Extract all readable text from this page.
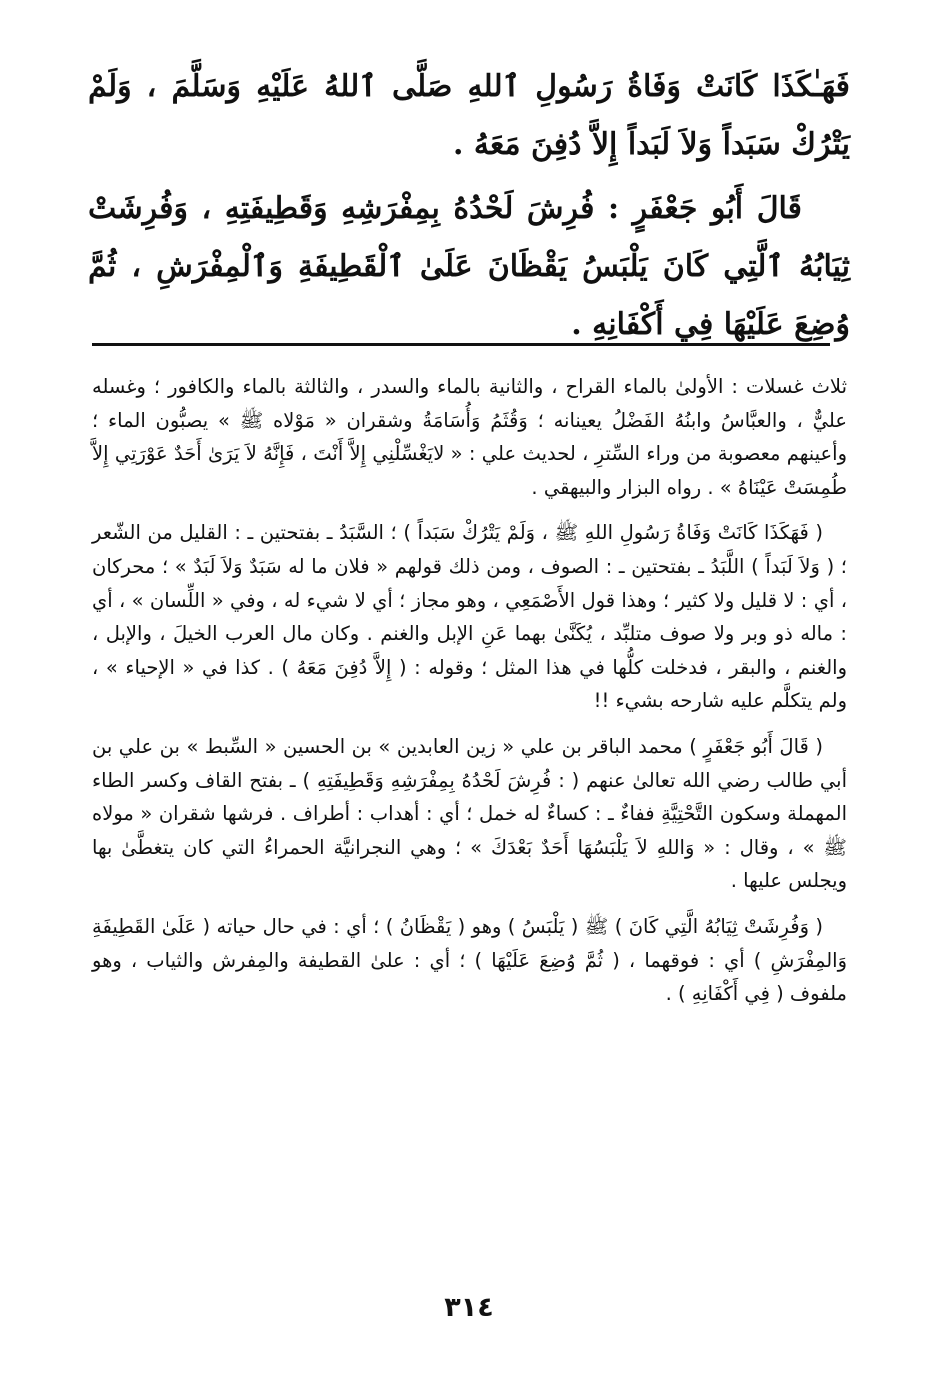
فَهَـٰكَذَا كَانَتْ وَفَاةُ رَسُولِ ٱللهِ صَلَّى ٱللهُ عَلَيْهِ وَسَلَّمَ ، وَلَمْ يَتْرُكْ سَبَداً وَلاَ لَبَداً إِلاَّ دُفِنَ مَعَهُ .

قَالَ أَبُو جَعْفَرٍ : فُرِشَ لَحْدُهُ بِمِفْرَشِهِ وَقَطِيفَتِهِ ، وَفُرِشَتْ ثِيَابُهُ ٱلَّتِي كَانَ يَلْبَسُ يَقْظَانَ عَلَىٰ ٱلْقَطِيفَةِ وَٱلْمِفْرَشِ ، ثُمَّ وُضِعَ عَلَيْهَا فِي أَكْفَانِهِ .

ثلاث غسلات : الأولىٰ بالماء القراح ، والثانية بالماء والسدر ، والثالثة بالماء والكافور ؛ وغسله عليٌّ ، والعبَّاسُ وابنُهُ الفَضْلُ يعينانه ؛ وَقُثَمُ وَأُسَامَةُ وشقران « مَوْلاه ﷺ » يصبُّون الماء ؛ وأعينهم معصوبة من وراء السِّترِ ، لحديث علي : « لايَغْسِّلْنِي إِلاَّ أَنْتَ ، فَإِنَّهُ لاَ يَرَىٰ أَحَدٌ عَوْرَتِي إِلاَّ طُمِسَتْ عَيْنَاهُ » . رواه البزار والبيهقي .

( فَهَكَذَا كَانَتْ وَفَاةُ رَسُولِ اللهِ ﷺ ، وَلَمْ يَتْرُكْ سَبَداً ) ؛ السَّبَدُ ـ بفتحتين ـ : القليل من الشّعر ؛ ( وَلاَ لَبَداً ) اللَّبَدُ ـ بفتحتين ـ : الصوف ، ومن ذلك قولهم « فلان ما له سَبَدٌ وَلاَ لَبَدٌ » ؛ محركان ، أي : لا قليل ولا كثير ؛ وهذا قول الأَصْمَعِي ، وهو مجاز ؛ أي لا شيء له ، وفي « اللِّسان » ، أي : ماله ذو وبر ولا صوف متلبِّد ، يُكَنَّىٰ بهما عَنِ الإبل والغنم . وكان مال العرب الخيلَ ، والإبل ، والغنم ، والبقر ، فدخلت كلُّها في هذا المثل ؛ وقوله : ( إِلاَّ دُفِنَ مَعَهُ ) . كذا في « الإحياء » ، ولم يتكلَّم عليه شارحه بشيء !!

( قَالَ أَبُو جَعْفَرٍ ) محمد الباقر بن علي « زين العابدين » بن الحسين « السِّبط » بن علي بن أبي طالب رضي الله تعالىٰ عنهم ( : فُرِشَ لَحْدُهُ بِمِفْرَشِهِ وَقَطِيفَتِهِ ) ـ بفتح القاف وكسر الطاء المهملة وسكون التَّحْتِيَّةِ ففاءٌ ـ : كساءٌ له خمل ؛ أي : أهداب : أطراف . فرشها شقران « مولاه ﷺ » ، وقال : « وَاللهِ لاَ يَلْبَسُهَا أَحَدٌ بَعْدَكَ » ؛ وهي النجرانيَّة الحمراءُ التي كان يتغطَّىٰ بها ويجلس عليها .

( وَفُرِشَتْ ثِيَابُهُ الَّتِي كَانَ ) ﷺ ( يَلْبَسُ ) وهو ( يَقْظَانُ ) ؛ أي : في حال حياته ( عَلَىٰ القَطِيفَةِ وَالمِفْرَشِ ) أي : فوقهما ، ( ثُمَّ وُضِعَ عَلَيْهَا ) ؛ أي : علىٰ القطيفة والمِفرش والثياب ، وهو ملفوف ( فِي أَكْفَانِهِ ) .

٣١٤
